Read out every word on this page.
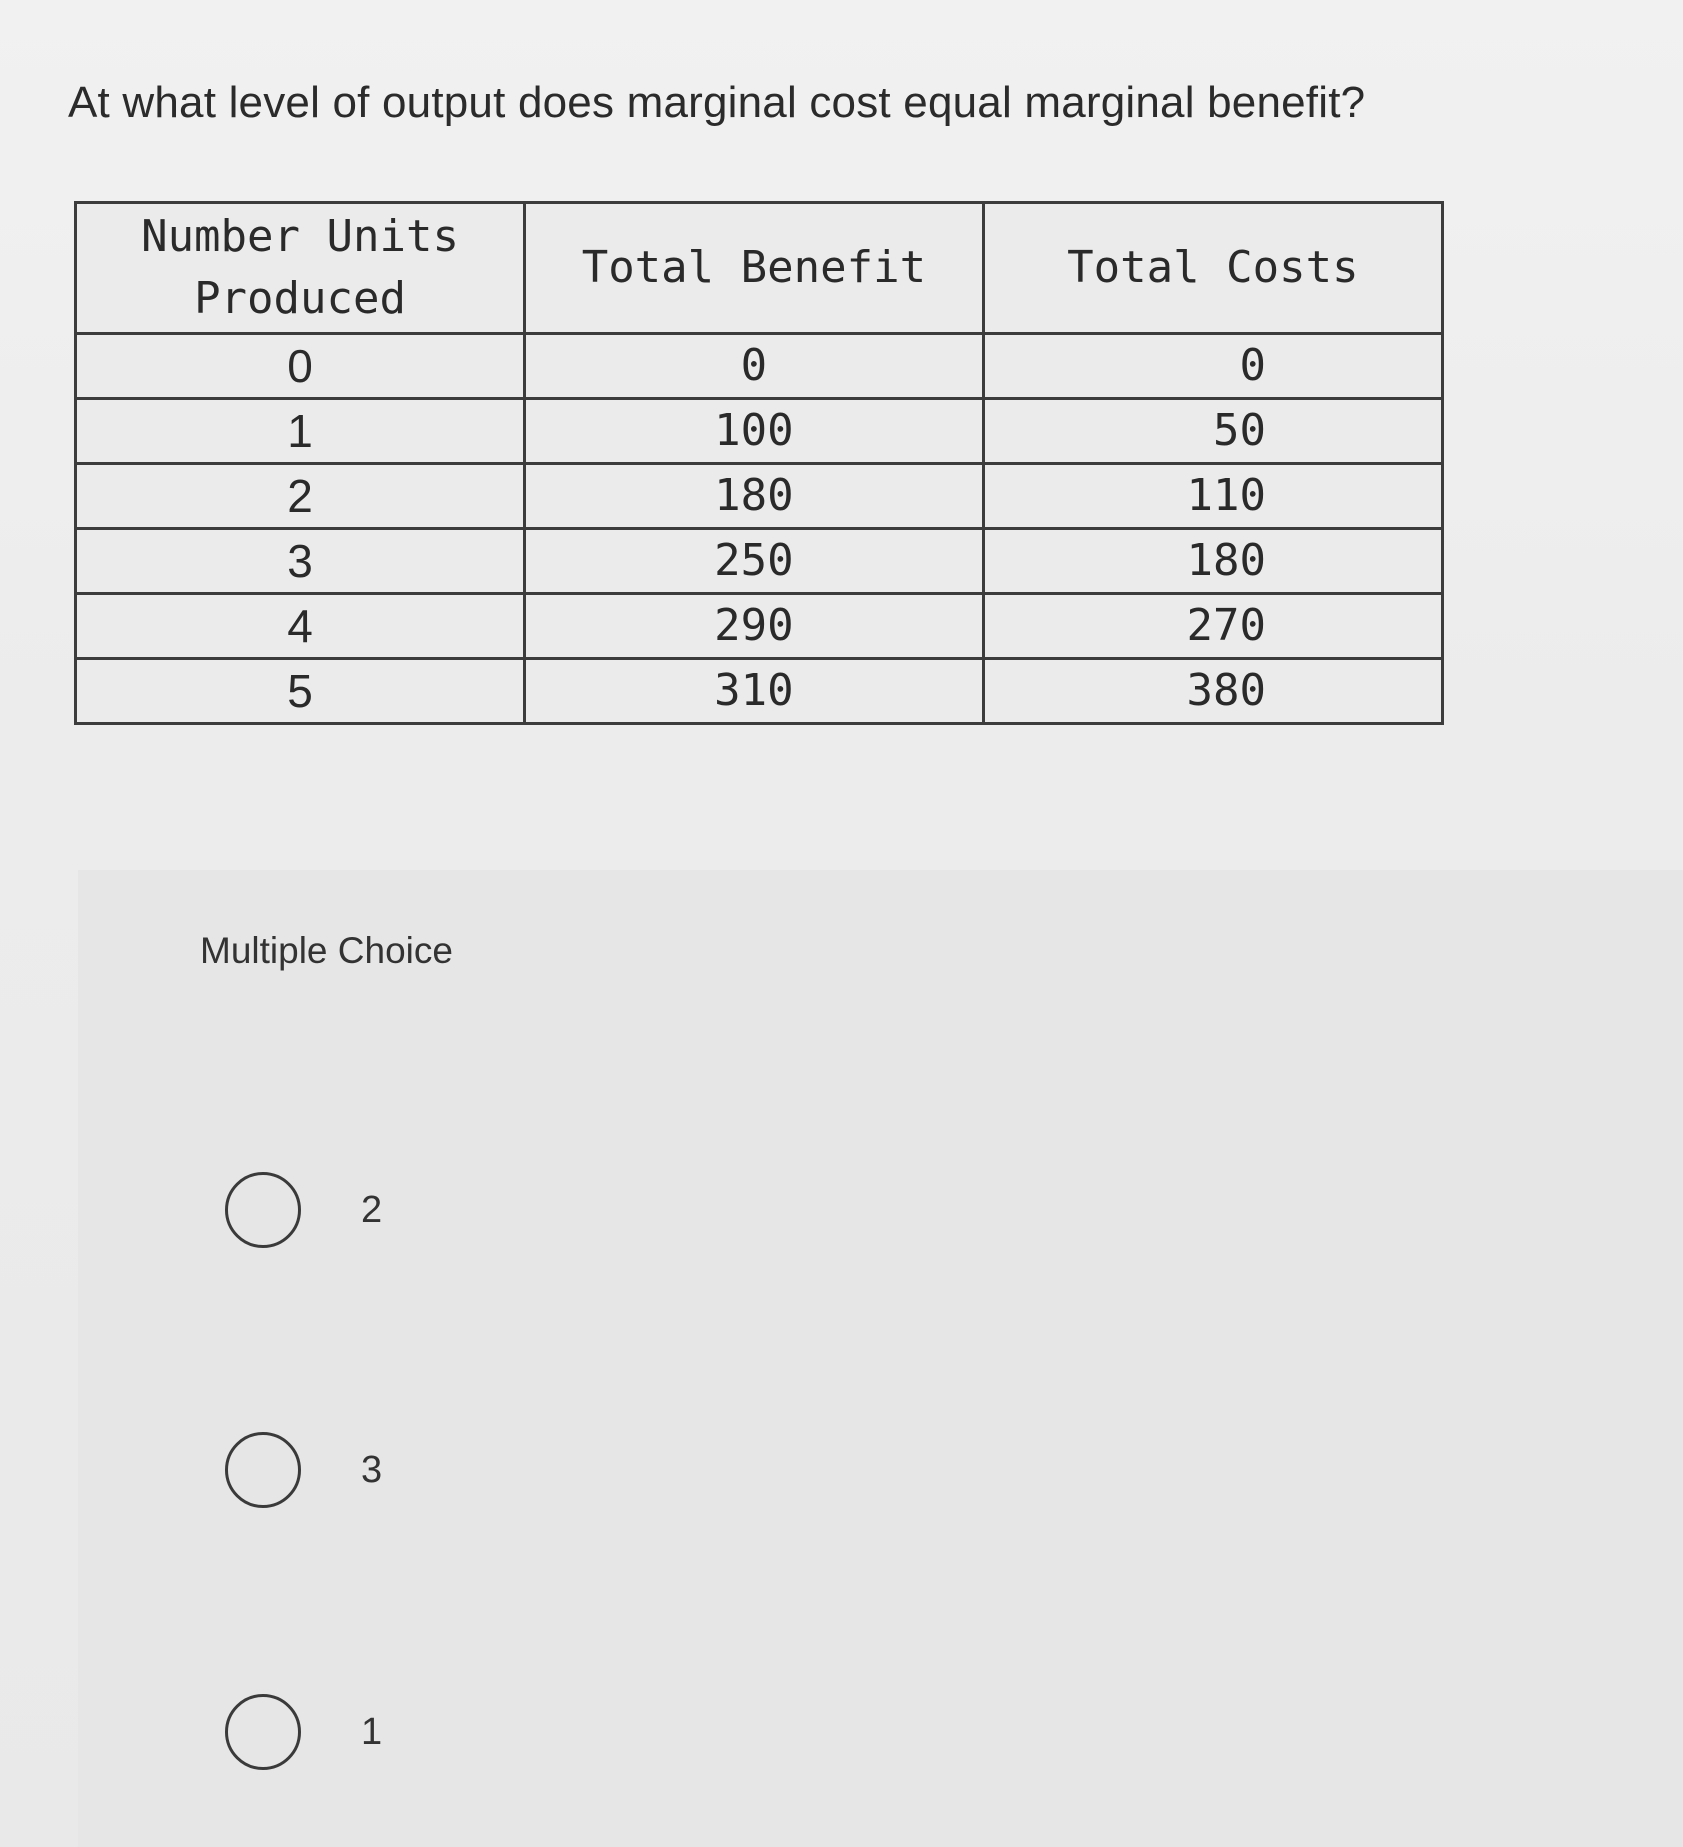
At what level of output does marginal cost equal marginal benefit?
Number Units
Produced	Total Benefit	Total Costs
0	0	0
1	100	50
2	180	110
3	250	180
4	290	270
5	310	380
Multiple Choice
2
3
1
